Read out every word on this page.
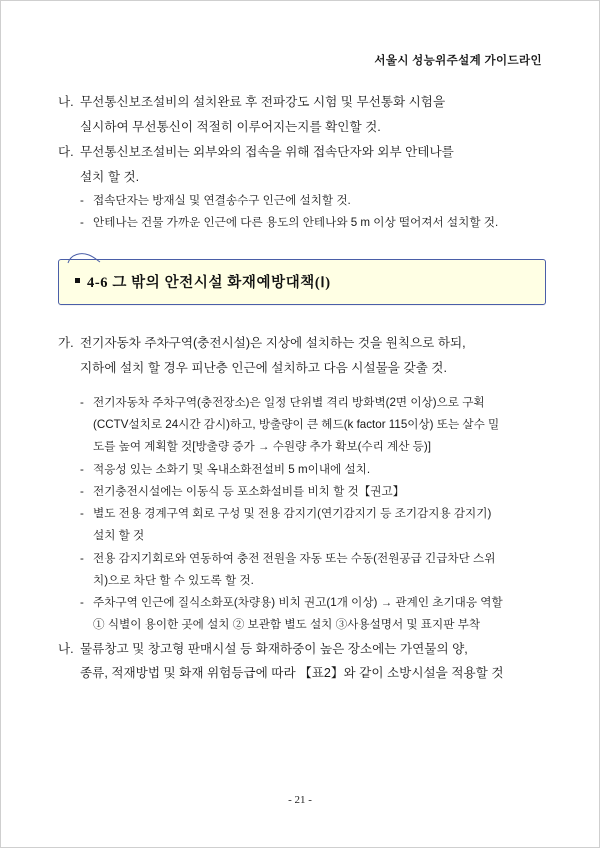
서울시 성능위주설계 가이드라인
나. 무선통신보조설비의 설치완료 후 전파강도 시험 및 무선통화 시험을
실시하여 무선통신이 적절히 이루어지는지를 확인할 것.
다. 무선통신보조설비는 외부와의 접속을 위해 접속단자와 외부 안테나를
설치 할 것.
- 접속단자는 방재실 및 연결송수구 인근에 설치할 것.
- 안테나는 건물 가까운 인근에 다른 용도의 안테나와 5 m 이상 떨어져서 설치할 것.
4-6 그 밖의 안전시설 화재예방대책(Ⅰ)
가. 전기자동차 주차구역(충전시설)은 지상에 설치하는 것을 원칙으로 하되,
지하에 설치 할 경우 피난층 인근에 설치하고 다음 시설물을 갖출 것.
- 전기자동차 주차구역(충전장소)은 일정 단위별 격리 방화벽(2면 이상)으로 구획
(CCTV설치로 24시간 감시)하고, 방출량이 큰 헤드(k factor 115이상) 또는 살수 밀
도를 높여 계획할 것[방출량 증가 → 수원량 추가 확보(수리 계산 등)]
- 적응성 있는 소화기 및 옥내소화전설비 5 m이내에 설치.
- 전기충전시설에는 이동식 등 포소화설비를 비치 할 것【권고】
- 별도 전용 경계구역 회로 구성 및 전용 감지기(연기감지기 등 조기감지용 감지기)
설치 할 것
- 전용 감지기회로와 연동하여 충전 전원을 자동 또는 수동(전원공급 긴급차단 스위
치)으로 차단 할 수 있도록 할 것.
- 주차구역 인근에 질식소화포(차량용) 비치 권고(1개 이상) → 관계인 초기대응 역할
① 식별이 용이한 곳에 설치 ② 보관함 별도 설치 ③사용설명서 및 표지판 부착
나. 물류창고 및 창고형 판매시설 등 화재하중이 높은 장소에는 가연물의 양,
종류, 적재방법 및 화재 위험등급에 따라 【표2】와 같이 소방시설을 적용할 것
- 21 -
